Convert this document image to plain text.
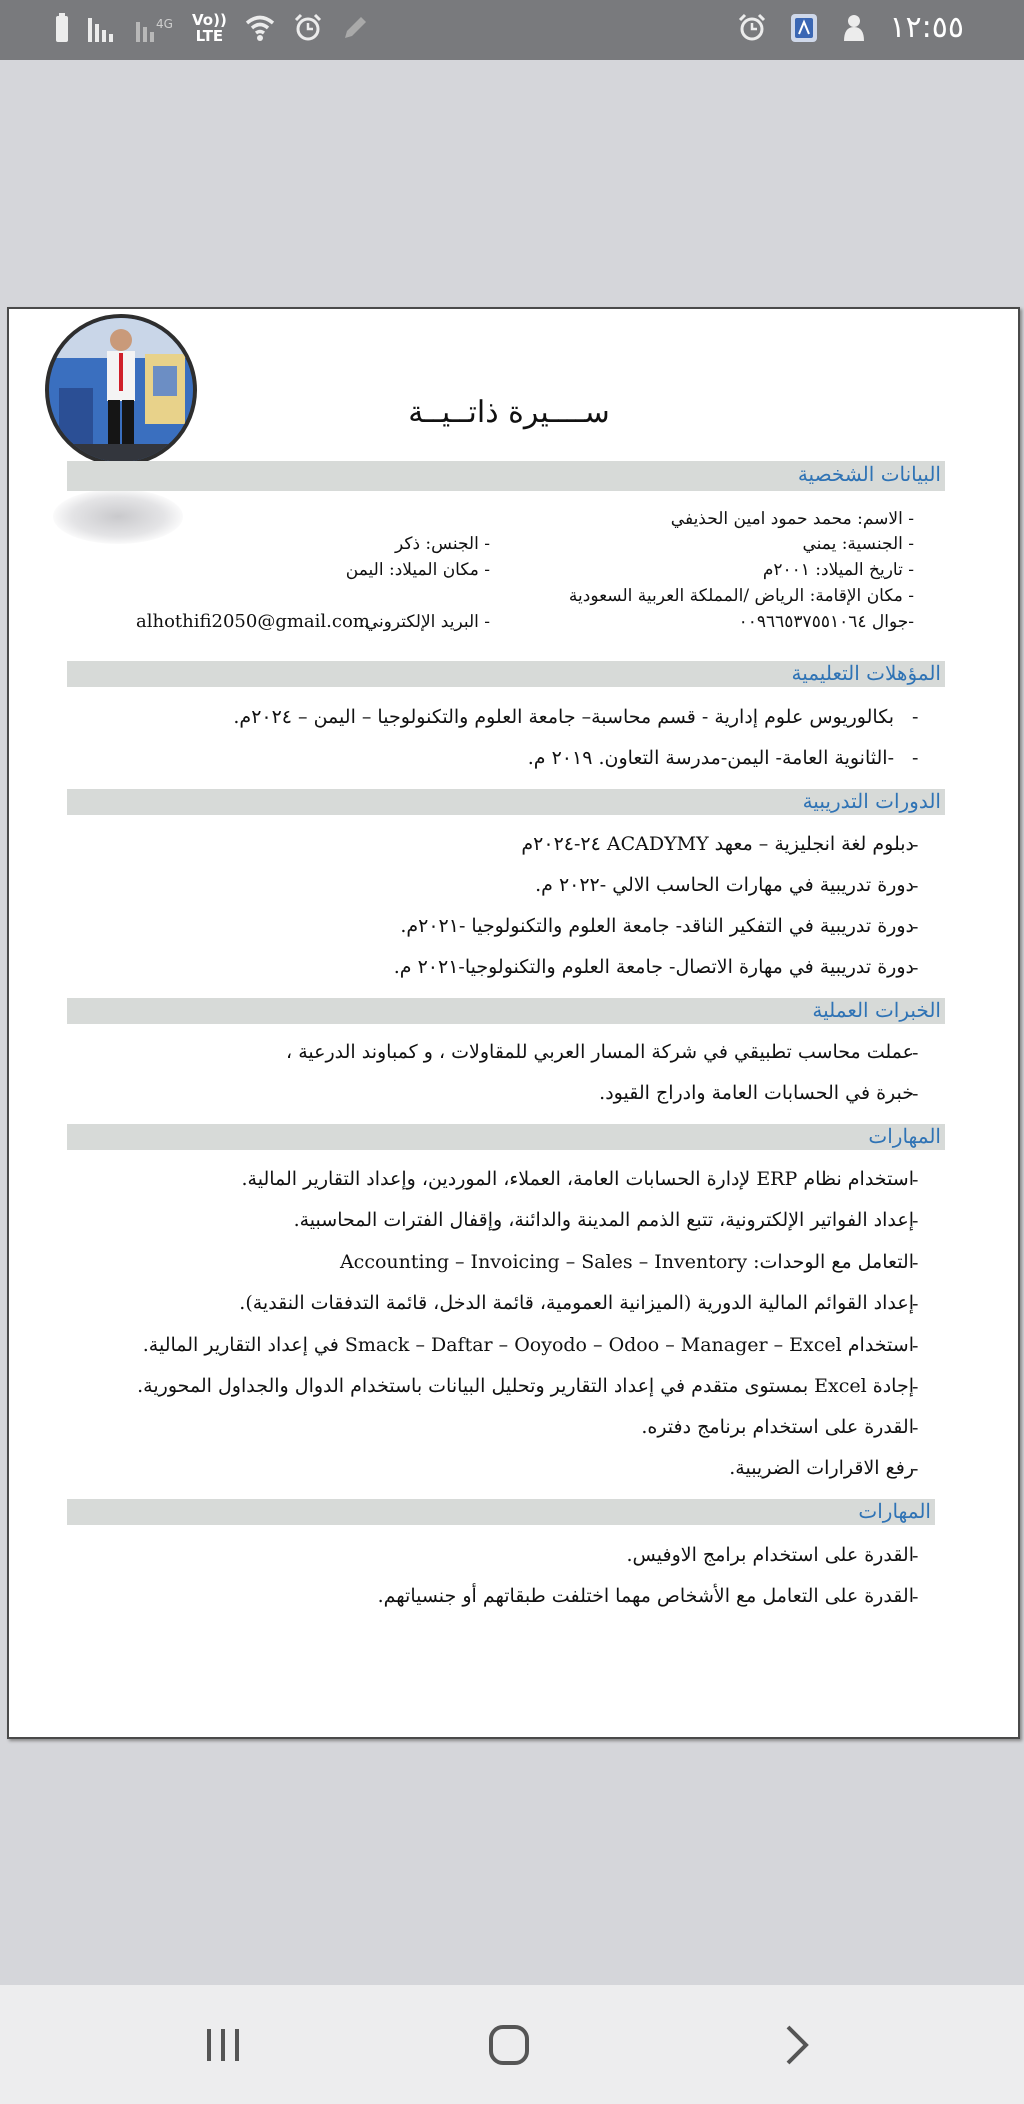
4G Vo))
LTE	١٢:٥٥
ســــيرة ذاتــيــة
البيانات الشخصية
- الاسم: محمد حمود امين الحذيفي
- الجنسية: يمني
- الجنس: ذكر
- تاريخ الميلاد: ٢٠٠١م
- مكان الميلاد: اليمن
- مكان الإقامة: الرياض /المملكة العربية السعودية
-جوال ٠٠٩٦٦٥٣٧٥٥١٠٦٤
- البريد الإلكتروني:
alhothifi2050@gmail.com
المؤهلات التعليمية
-
بكالوريوس علوم إدارية - قسم محاسبة– جامعة العلوم والتكنولوجيا – اليمن – ٢٠٢٤م.
-
-الثانوية العامة- اليمن-مدرسة التعاون. ٢٠١٩ م.
الدورات التدريبية
-
دبلوم لغة انجليزية – معهد ACADYMY ٢٤-٢٠٢٤م
-
دورة تدريبية في مهارات الحاسب الالي -٢٠٢٢ م.
-
دورة تدريبية في التفكير الناقد- جامعة العلوم والتكنولوجيا -٢٠٢١م.
-
دورة تدريبية في مهارة الاتصال- جامعة العلوم والتكنولوجيا-٢٠٢١ م.
الخبرات العملية
-
عملت محاسب تطبيقي في شركة المسار العربي للمقاولات ، و كمباوند الدرعية ،
-
خبرة في الحسابات العامة وادراج القيود.
المهارات
-
استخدام نظام ERP لإدارة الحسابات العامة، العملاء، الموردين، وإعداد التقارير المالية.
-
إعداد الفواتير الإلكترونية، تتبع الذمم المدينة والدائنة، وإقفال الفترات المحاسبية.
-
التعامل مع الوحدات: Accounting – Invoicing – Sales – Inventory
-
إعداد القوائم المالية الدورية (الميزانية العمومية، قائمة الدخل، قائمة التدفقات النقدية).
-
استخدام Smack – Daftar – Ooyodo – Odoo – Manager – Excel في إعداد التقارير المالية.
-
إجادة Excel بمستوى متقدم في إعداد التقارير وتحليل البيانات باستخدام الدوال والجداول المحورية.
-
القدرة على استخدام برنامج دفتره.
-
رفع الاقرارات الضريبية.
المهارات
-
القدرة على استخدام برامج الاوفيس.
-
القدرة على التعامل مع الأشخاص مهما اختلفت طبقاتهم أو جنسياتهم.
